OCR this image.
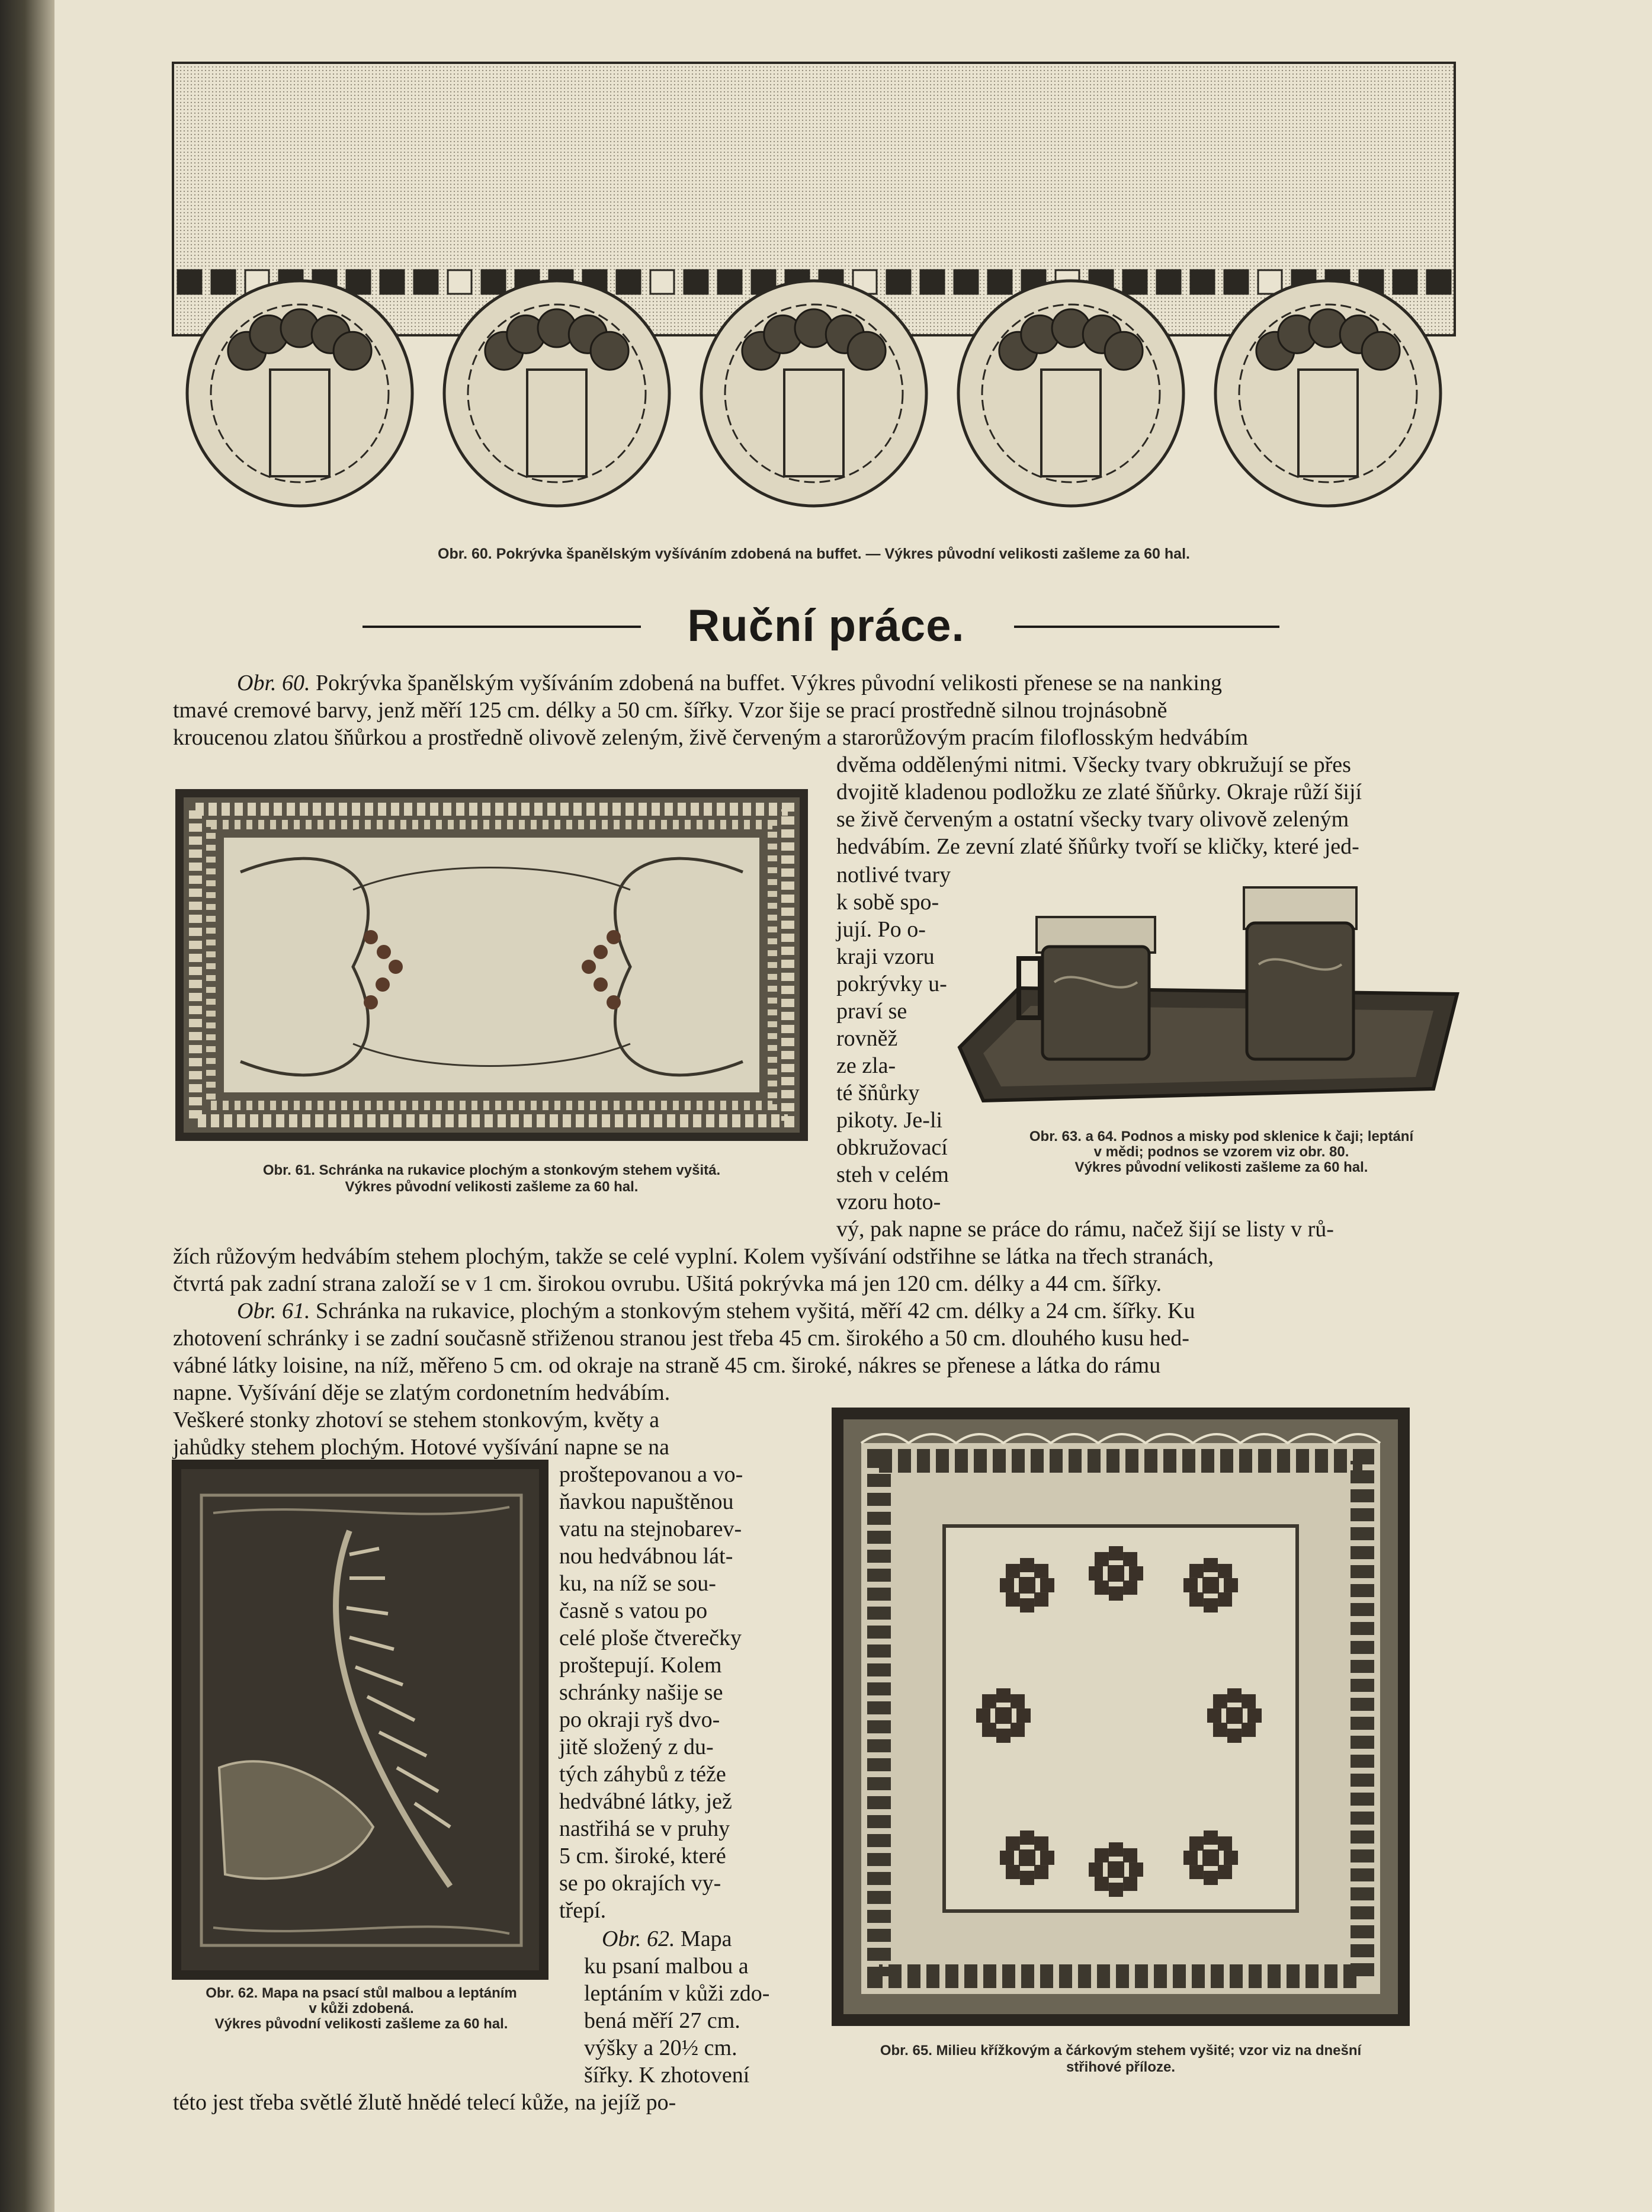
Obr. 60. Pokrývka španělským vyšíváním zdobená na buffet. — Výkres původní velikosti zašleme za 60 hal.
Ruční práce.
Obr. 60. Pokrývka španělským vyšíváním zdobená na buffet. Výkres původní velikosti přenese se na nanking
tmavé cremové barvy, jenž měří 125 cm. délky a 50 cm. šířky. Vzor šije se prací prostředně silnou trojnásobně
kroucenou zlatou šňůrkou a prostředně olivově zeleným, živě červeným a starorůžovým pracím filoflosským hedvábím
Obr. 61. Schránka na rukavice plochým a stonkovým stehem vyšitá.
Výkres původní velikosti zašleme za 60 hal.
dvěma oddělenými nitmi. Všecky tvary obkružují se přes
dvojitě kladenou podložku ze zlaté šňůrky. Okraje růží šijí
se živě červeným a ostatní všecky tvary olivově zeleným
hedvábím. Ze zevní zlaté šňůrky tvoří se kličky, které jed-
notlivé tvary
k sobě spo-
jují. Po o-
kraji vzoru
pokrývky u-
praví se
rovněž
ze zla-
té šňůrky
pikoty. Je-li
obkružovací
steh v celém
vzoru hoto-
Obr. 63. a 64. Podnos a misky pod sklenice k čaji; leptání
v mědi; podnos se vzorem viz obr. 80.
Výkres původní velikosti zašleme za 60 hal.
vý, pak napne se práce do rámu, načež šijí se listy v rů-
žích růžovým hedvábím stehem plochým, takže se celé vyplní. Kolem vyšívání odstřihne se látka na třech stranách,
čtvrtá pak zadní strana založí se v 1 cm. širokou ovrubu. Ušitá pokrývka má jen 120 cm. délky a 44 cm. šířky.
Obr. 61. Schránka na rukavice, plochým a stonkovým stehem vyšitá, měří 42 cm. délky a 24 cm. šířky. Ku
zhotovení schránky i se zadní současně střiženou stranou jest třeba 45 cm. širokého a 50 cm. dlouhého kusu hed-
vábné látky loisine, na níž, měřeno 5 cm. od okraje na straně 45 cm. široké, nákres se přenese a látka do rámu
napne. Vyšívání děje se zlatým cordonetním hedvábím.
Veškeré stonky zhotoví se stehem stonkovým, květy a
jahůdky stehem plochým. Hotové vyšívání napne se na
Obr. 62. Mapa na psací stůl malbou a leptáním
v kůži zdobená.
Výkres původní velikosti zašleme za 60 hal.
proštepovanou a vo-
ňavkou napuštěnou
vatu na stejnobarev-
nou hedvábnou lát-
ku, na níž se sou-
časně s vatou po
celé ploše čtverečky
proštepují. Kolem
schránky našije se
po okraji ryš dvo-
jitě složený z du-
tých záhybů z téže
hedvábné látky, jež
nastřihá se v pruhy
5 cm. široké, které
se po okrajích vy-
třepí.
Obr. 62. Mapa
ku psaní malbou a
leptáním v kůži zdo-
bená měří 27 cm.
výšky a 20½ cm.
šířky. K zhotovení
této jest třeba světlé žlutě hnědé telecí kůže, na jejíž po-
Obr. 65. Milieu křížkovým a čárkovým stehem vyšité; vzor viz na dnešní
střihové příloze.
